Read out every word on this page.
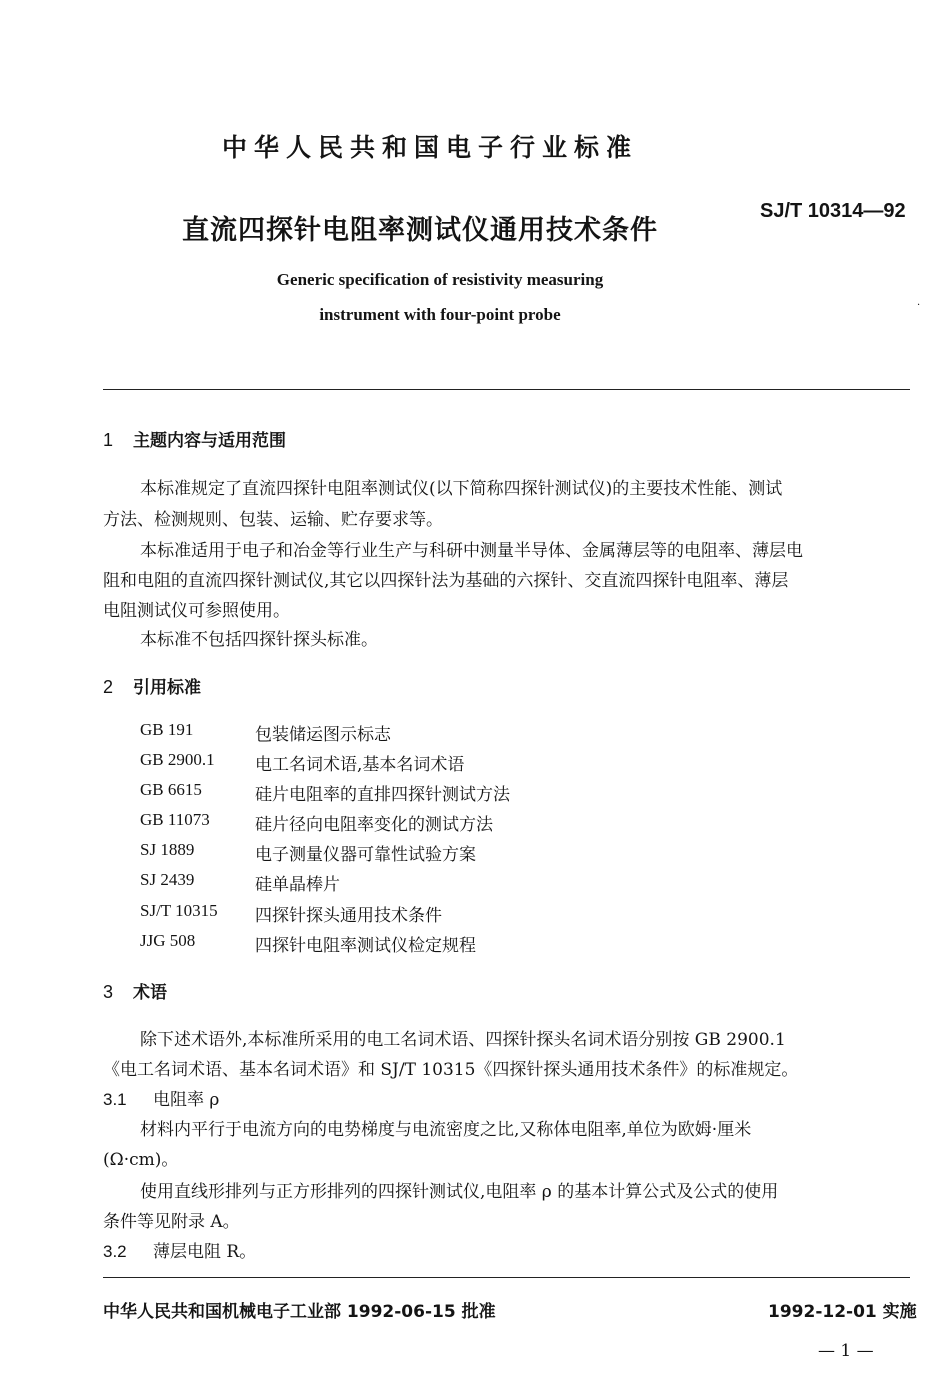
中华人民共和国电子行业标准
SJ/T 10314—92
直流四探针电阻率测试仪通用技术条件
Generic specification of resistivity measuring
instrument with four-point probe	·
1 主题内容与适用范围
本标准规定了直流四探针电阻率测试仪(以下简称四探针测试仪)的主要技术性能、测试
方法、检测规则、包装、运输、贮存要求等。
本标准适用于电子和冶金等行业生产与科研中测量半导体、金属薄层等的电阻率、薄层电
阻和电阻的直流四探针测试仪,其它以四探针法为基础的六探针、交直流四探针电阻率、薄层
电阻测试仪可参照使用。
本标准不包括四探针探头标准。
2 引用标准
GB 191	包装储运图示标志
GB 2900.1 电工名词术语,基本名词术语
GB 6615	硅片电阻率的直排四探针测试方法
GB 11073	硅片径向电阻率变化的测试方法
SJ 1889	电子测量仪器可靠性试验方案
SJ 2439	硅单晶棒片
SJ/T 10315 四探针探头通用技术条件
JJG 508	四探针电阻率测试仪检定规程
3 术语
除下述术语外,本标准所采用的电工名词术语、四探针探头名词术语分别按 GB 2900.1
《电工名词术语、基本名词术语》和 SJ/T 10315《四探针探头通用技术条件》的标准规定。
3.1 电阻率 ρ
材料内平行于电流方向的电势梯度与电流密度之比,又称体电阻率,单位为欧姆·厘米
(Ω·cm)。
使用直线形排列与正方形排列的四探针测试仪,电阻率 ρ 的基本计算公式及公式的使用
条件等见附录 A。
3.2 薄层电阻 R。
中华人民共和国机械电子工业部 1992-06-15 批准	1992-12-01 实施
— 1 —
